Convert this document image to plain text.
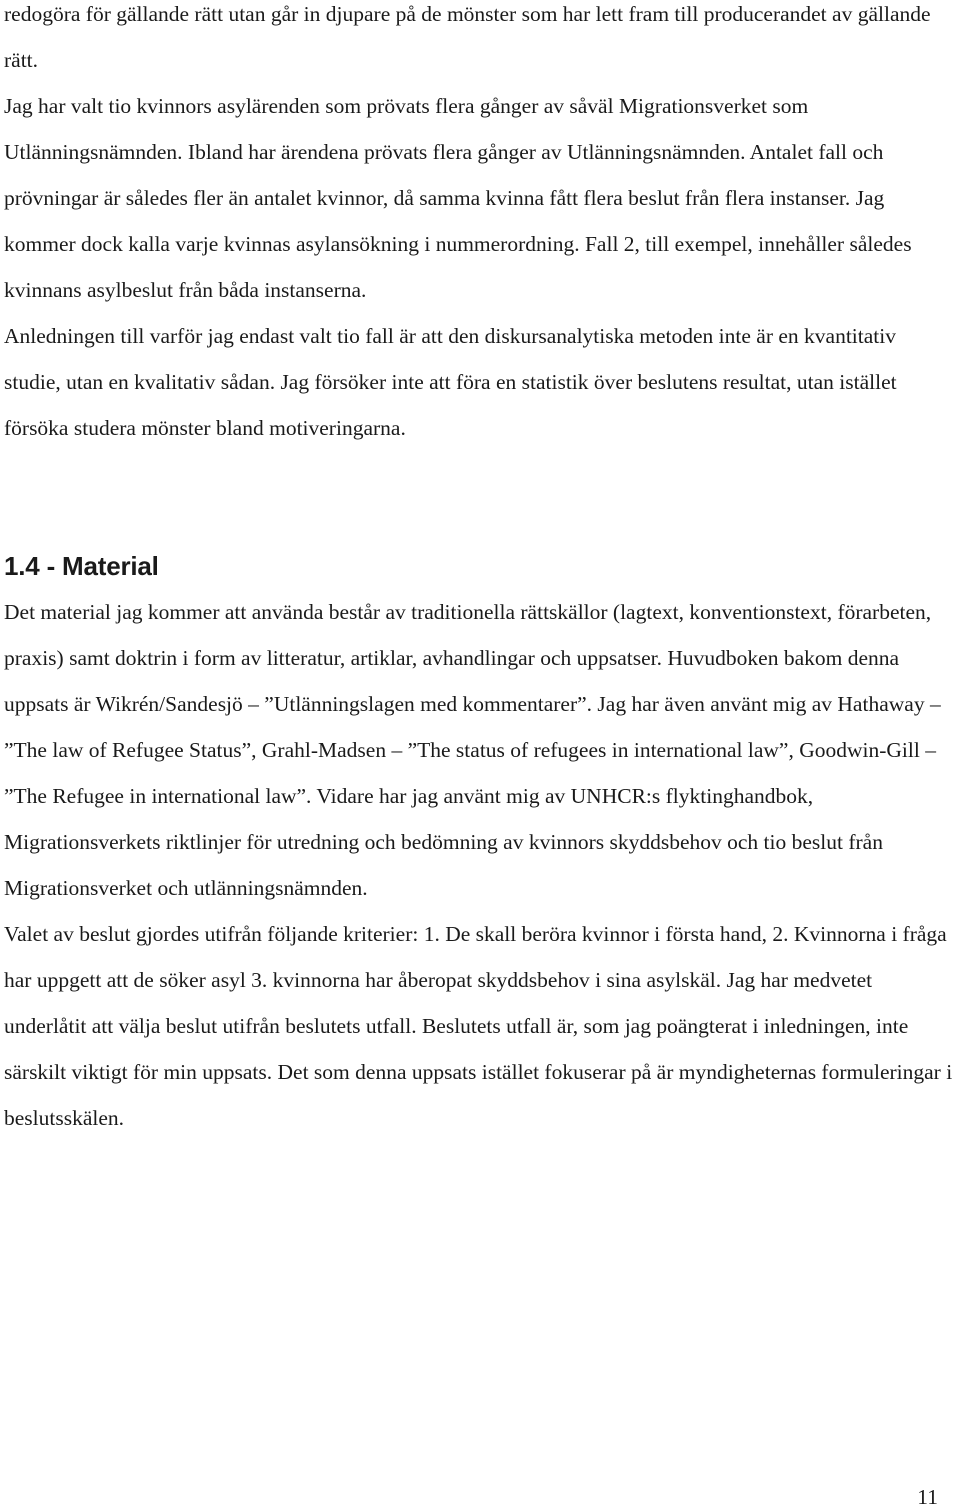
redogöra för gällande rätt utan går in djupare på de mönster som har lett fram till producerandet av gällande rätt.

Jag har valt tio kvinnors asylärenden som prövats flera gånger av såväl Migrationsverket som Utlänningsnämnden. Ibland har ärendena prövats flera gånger av Utlänningsnämnden. Antalet fall och prövningar är således fler än antalet kvinnor, då samma kvinna fått flera beslut från flera instanser. Jag kommer dock kalla varje kvinnas asylansökning i nummerordning. Fall 2, till exempel, innehåller således kvinnans asylbeslut från båda instanserna.

Anledningen till varför jag endast valt tio fall är att den diskursanalytiska metoden inte är en kvantitativ studie, utan en kvalitativ sådan. Jag försöker inte att föra en statistik över beslutens resultat, utan istället försöka studera mönster bland motiveringarna.

1.4 - Material

Det material jag kommer att använda består av traditionella rättskällor (lagtext, konventionstext, förarbeten, praxis) samt doktrin i form av litteratur, artiklar, avhandlingar och uppsatser. Huvudboken bakom denna uppsats är Wikrén/Sandesjö – ”Utlänningslagen med kommentarer”. Jag har även använt mig av Hathaway – ”The law of Refugee Status”, Grahl-Madsen – ”The status of refugees in international law”, Goodwin-Gill – ”The Refugee in international law”. Vidare har jag använt mig av UNHCR:s flyktinghandbok, Migrationsverkets riktlinjer för utredning och bedömning av kvinnors skyddsbehov och tio beslut från Migrationsverket och utlänningsnämnden.

Valet av beslut gjordes utifrån följande kriterier: 1. De skall beröra kvinnor i första hand, 2. Kvinnorna i fråga har uppgett att de söker asyl 3. kvinnorna har åberopat skyddsbehov i sina asylskäl. Jag har medvetet underlåtit att välja beslut utifrån beslutets utfall. Beslutets utfall är, som jag poängterat i inledningen, inte särskilt viktigt för min uppsats. Det som denna uppsats istället fokuserar på är myndigheternas formuleringar i beslutsskälen.

11
